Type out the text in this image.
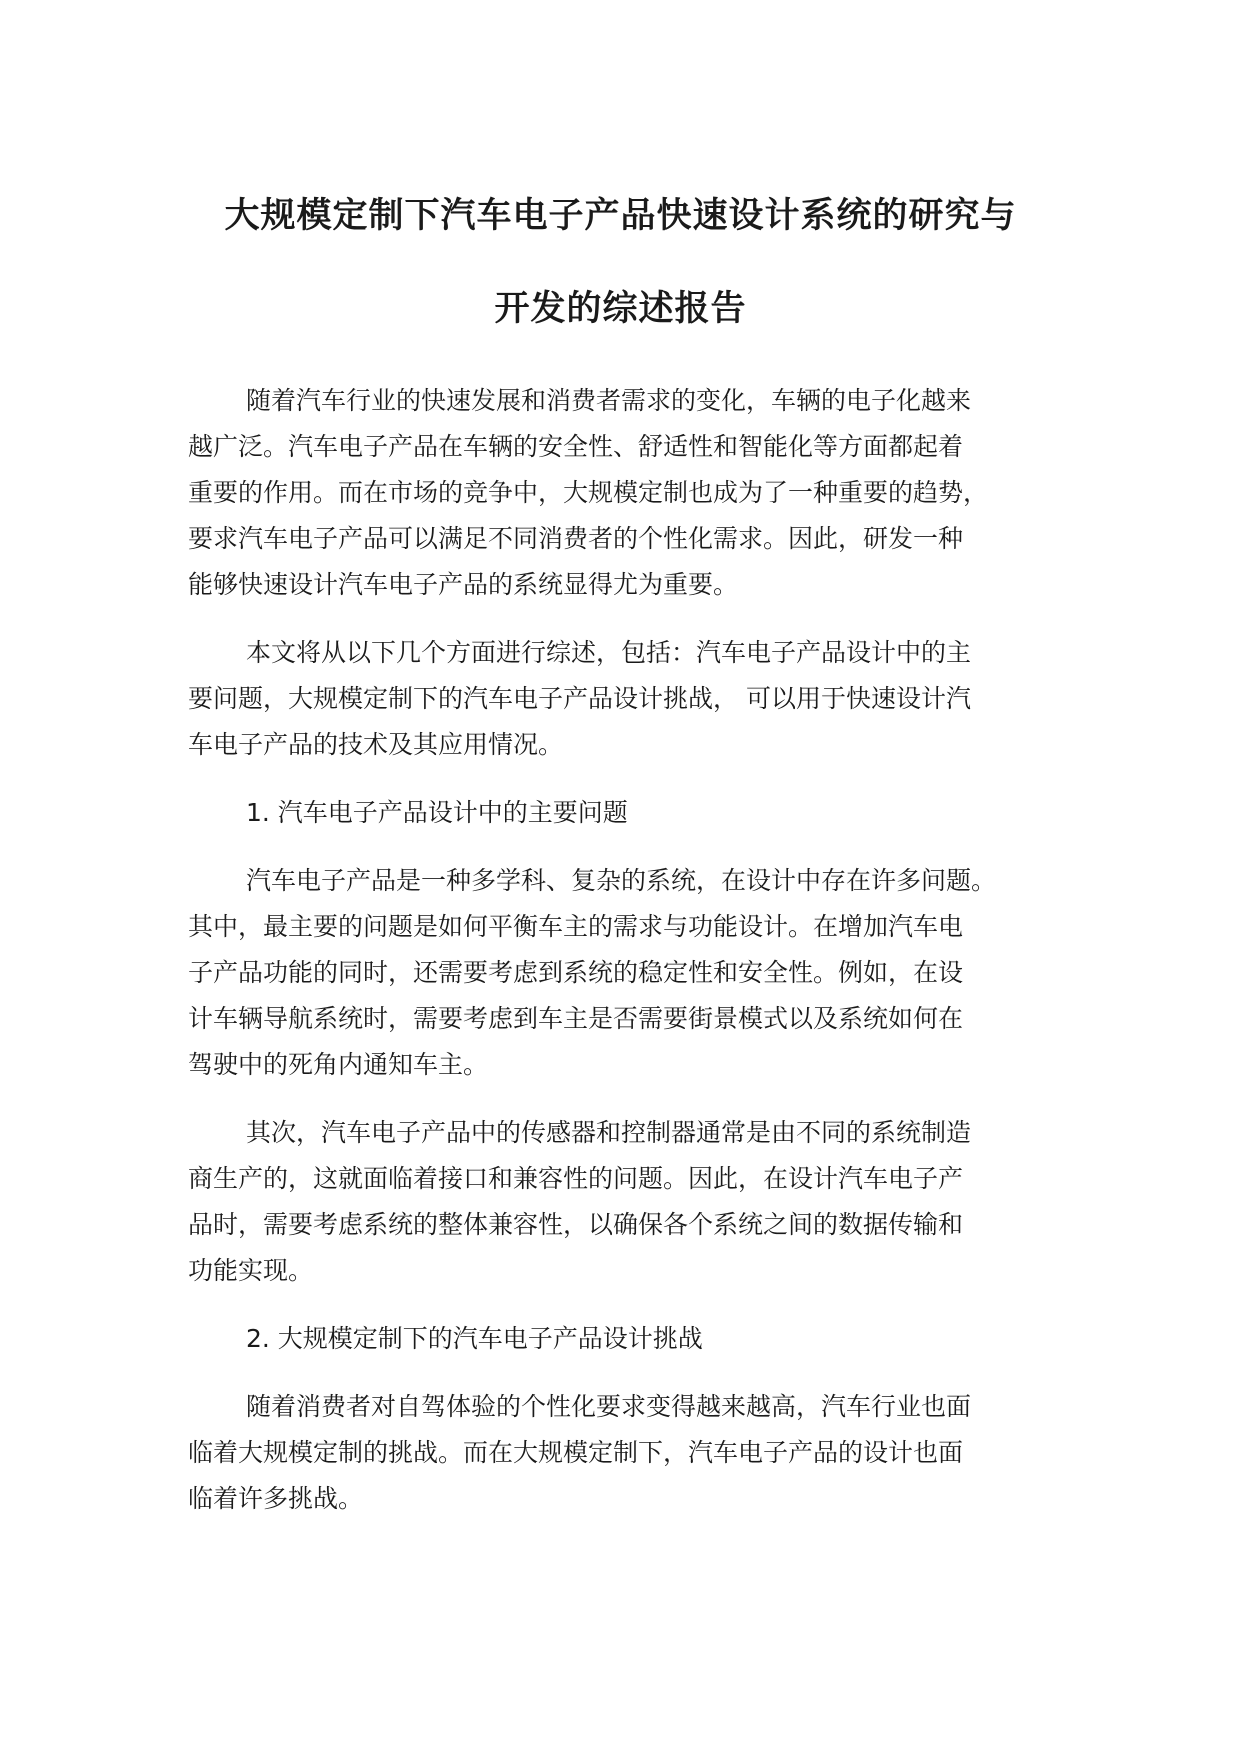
大规模定制下汽车电子产品快速设计系统的研究与
开发的综述报告
随着汽车行业的快速发展和消费者需求的变化，车辆的电子化越来
越广泛。汽车电子产品在车辆的安全性、舒适性和智能化等方面都起着
重要的作用。而在市场的竞争中，大规模定制也成为了一种重要的趋势，
要求汽车电子产品可以满足不同消费者的个性化需求。因此，研发一种
能够快速设计汽车电子产品的系统显得尤为重要。
本文将从以下几个方面进行综述，包括：汽车电子产品设计中的主
要问题，大规模定制下的汽车电子产品设计挑战， 可以用于快速设计汽
车电子产品的技术及其应用情况。
1. 汽车电子产品设计中的主要问题
汽车电子产品是一种多学科、复杂的系统，在设计中存在许多问题。
其中，最主要的问题是如何平衡车主的需求与功能设计。在增加汽车电
子产品功能的同时，还需要考虑到系统的稳定性和安全性。例如，在设
计车辆导航系统时，需要考虑到车主是否需要街景模式以及系统如何在
驾驶中的死角内通知车主。
其次，汽车电子产品中的传感器和控制器通常是由不同的系统制造
商生产的，这就面临着接口和兼容性的问题。因此，在设计汽车电子产
品时，需要考虑系统的整体兼容性，以确保各个系统之间的数据传输和
功能实现。
2. 大规模定制下的汽车电子产品设计挑战
随着消费者对自驾体验的个性化要求变得越来越高，汽车行业也面
临着大规模定制的挑战。而在大规模定制下，汽车电子产品的设计也面
临着许多挑战。
